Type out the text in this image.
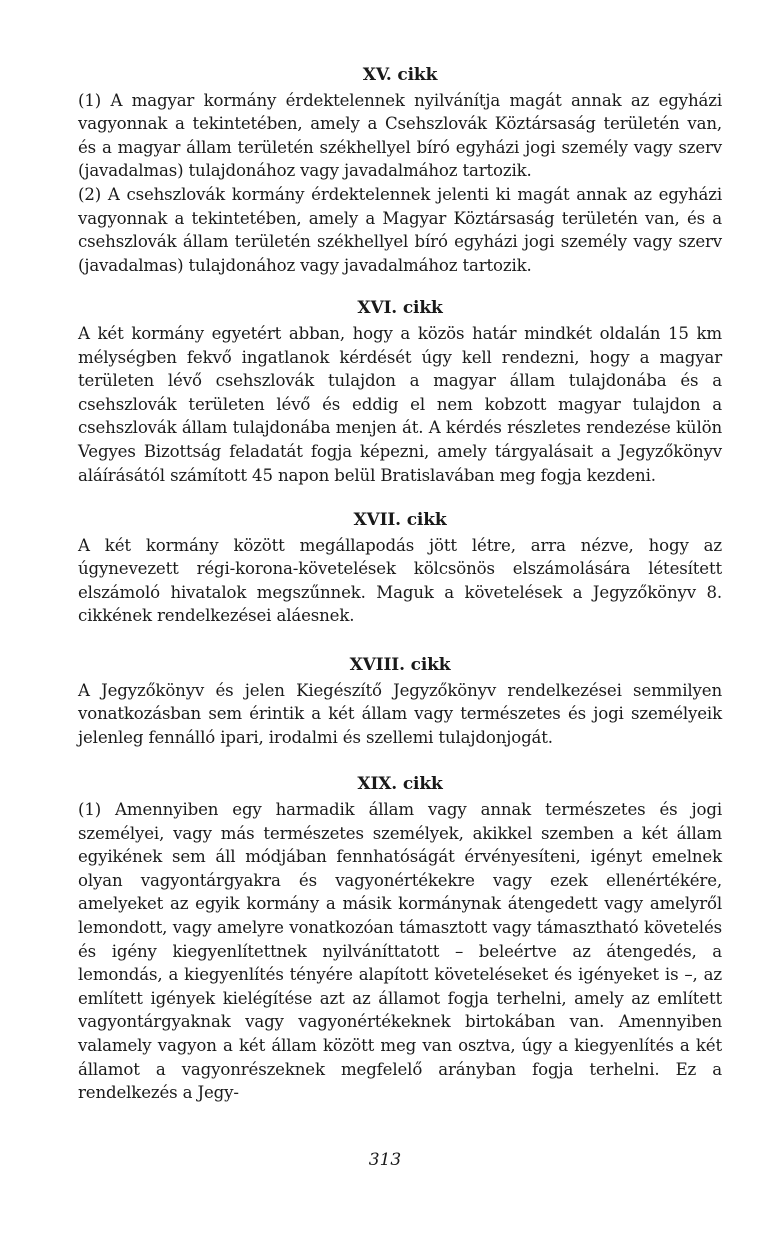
XV. cikk

(1) A magyar kormány érdektelennek nyilvánítja magát annak az egyházi vagyonnak a tekintetében, amely a Csehszlovák Köztársaság területén van, és a magyar állam területén székhellyel bíró egyházi jogi személy vagy szerv (javadalmas) tulajdonához vagy javadalmához tartozik.

(2) A csehszlovák kormány érdektelennek jelenti ki magát annak az egyházi vagyonnak a tekintetében, amely a Magyar Köztársaság területén van, és a csehszlovák állam területén székhellyel bíró egyházi jogi személy vagy szerv (javadalmas) tulajdonához vagy javadalmához tartozik.

XVI. cikk

A két kormány egyetért abban, hogy a közös határ mindkét oldalán 15 km mélységben fekvő ingatlanok kérdését úgy kell rendezni, hogy a magyar területen lévő csehszlovák tulajdon a magyar állam tulajdonába és a csehszlovák területen lévő és eddig el nem kobzott magyar tulajdon a csehszlovák állam tulajdonába menjen át. A kérdés részletes rendezése külön Vegyes Bizottság feladatát fogja képezni, amely tárgyalásait a Jegyzőkönyv aláírásától számított 45 napon belül Bratislavában meg fogja kezdeni.

XVII. cikk

A két kormány között megállapodás jött létre, arra nézve, hogy az úgynevezett régi-korona-követelések kölcsönös elszámolására létesített elszámoló hivatalok megszűnnek. Maguk a követelések a Jegyzőkönyv 8. cikkének rendelkezései aláesnek.

XVIII. cikk

A Jegyzőkönyv és jelen Kiegészítő Jegyzőkönyv rendelkezései semmilyen vonatkozásban sem érintik a két állam vagy természetes és jogi személyeik jelenleg fennálló ipari, irodalmi és szellemi tulajdonjogát.

XIX. cikk

(1) Amennyiben egy harmadik állam vagy annak természetes és jogi személyei, vagy más természetes személyek, akikkel szemben a két állam egyikének sem áll módjában fennhatóságát érvényesíteni, igényt emelnek olyan vagyontárgyakra és vagyonértékekre vagy ezek ellenértékére, amelyeket az egyik kormány a másik kormánynak átengedett vagy amelyről lemondott, vagy amelyre vonatkozóan támasztott vagy támasztható követelés és igény kiegyenlítettnek nyilváníttatott – beleértve az átengedés, a lemondás, a kiegyenlítés tényére alapított követeléseket és igényeket is –, az említett igények kielégítése azt az államot fogja terhelni, amely az említett vagyontárgyaknak vagy vagyonértékeknek birtokában van. Amennyiben valamely vagyon a két állam között meg van osztva, úgy a kiegyenlítés a két államot a vagyonrészeknek megfelelő arányban fogja terhelni. Ez a rendelkezés a Jegy-

313
